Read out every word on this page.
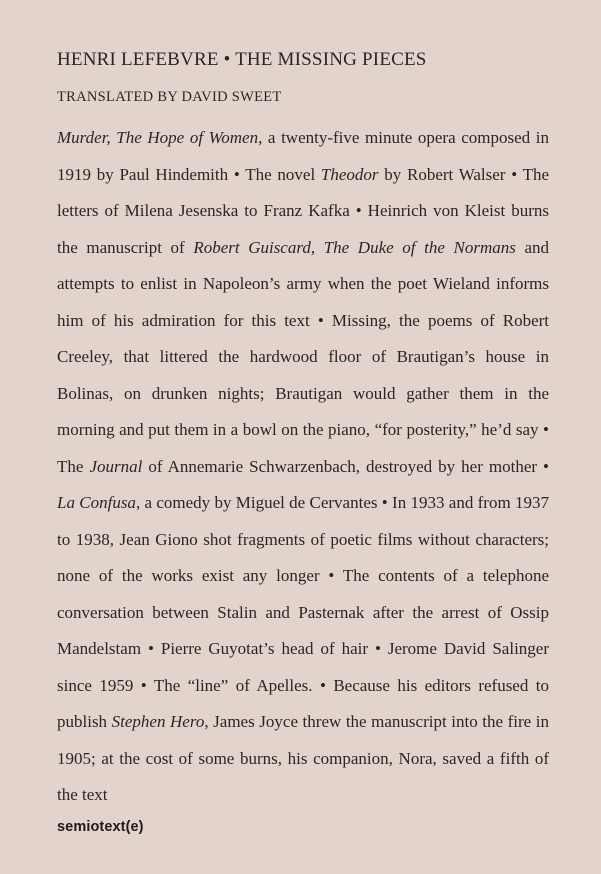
HENRI LEFEBVRE • THE MISSING PIECES
TRANSLATED BY DAVID SWEET

Murder, The Hope of Women, a twenty-five minute opera composed in 1919 by Paul Hindemith • The novel Theodor by Robert Walser • The letters of Milena Jesenska to Franz Kafka • Heinrich von Kleist burns the manuscript of Robert Guiscard, The Duke of the Normans and attempts to enlist in Napoleon’s army when the poet Wieland informs him of his admiration for this text • Missing, the poems of Robert Creeley, that littered the hardwood floor of Brautigan’s house in Bolinas, on drunken nights; Brautigan would gather them in the morning and put them in a bowl on the piano, “for posterity,” he’d say • The Journal of Annemarie Schwarzenbach, destroyed by her mother • La Confusa, a comedy by Miguel de Cervantes • In 1933 and from 1937 to 1938, Jean Giono shot fragments of poetic films without characters; none of the works exist any longer • The contents of a telephone conversation between Stalin and Pasternak after the arrest of Ossip Mandelstam • Pierre Guyotat’s head of hair • Jerome David Salinger since 1959 • The “line” of Apelles. • Because his editors refused to publish Stephen Hero, James Joyce threw the manuscript into the fire in 1905; at the cost of some burns, his companion, Nora, saved a fifth of the text

semiotext(e)
